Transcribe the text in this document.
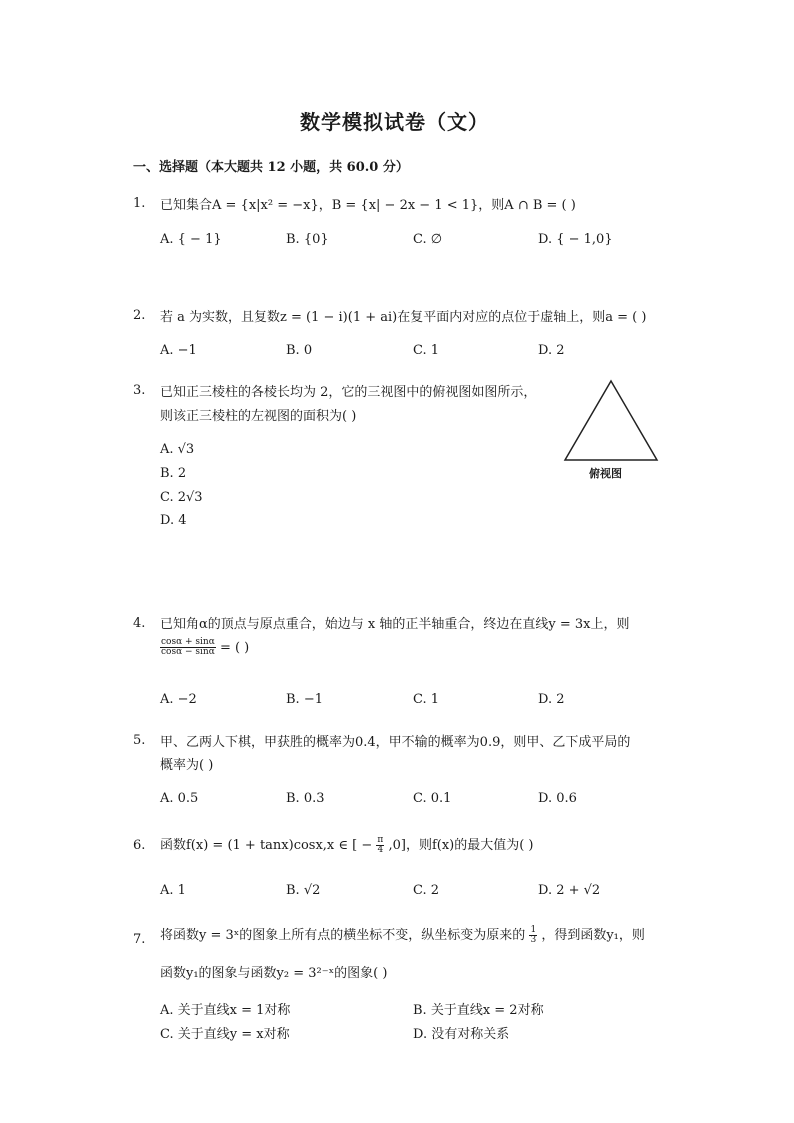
数学模拟试卷（文）
一、选择题（本大题共 12 小题，共 60.0 分）
1. 已知集合A = {x|x² = −x}，B = {x| − 2x − 1 < 1}，则A ∩ B = ( )
A. { − 1}	B. {0}	C. ∅	D. { − 1,0}
2. 若 a 为实数，且复数z = (1 − i)(1 + ai)在复平面内对应的点位于虚轴上，则a = ( )
A. −1	B. 0	C. 1	D. 2
3. 已知正三棱柱的各棱长均为 2，它的三视图中的俯视图如图所示，
则该正三棱柱的左视图的面积为( )
A. √3
B. 2
C. 2√3
D. 4
俯视图
4. 已知角α的顶点与原点重合，始边与 x 轴的正半轴重合，终边在直线y = 3x上，则
$\frac{\cos\alpha + \sin\alpha}{\cos\alpha - \sin\alpha}$ = ( )
A. −2	B. −1	C. 1	D. 2
5. 甲、乙两人下棋，甲获胜的概率为0.4，甲不输的概率为0.9，则甲、乙下成平局的
概率为( )
A. 0.5	B. 0.3	C. 0.1	D. 0.6
6. 函数f(x) = (1 + tanx)cosx,x ∈ [ − $\frac{\pi}{4} ,0$]，则f(x)的最大值为( )
A. 1	B. √2	C. 2	D. 2 + √2
7. 将函数y = 3ˣ的图象上所有点的横坐标不变，纵坐标变为原来的 $\frac{1}{3}$ ，得到函数y₁，则
函数y₁的图象与函数y₂ = 3²⁻ˣ的图象( )
A. 关于直线x = 1对称	B. 关于直线x = 2对称
C. 关于直线y = x对称	D. 没有对称关系
